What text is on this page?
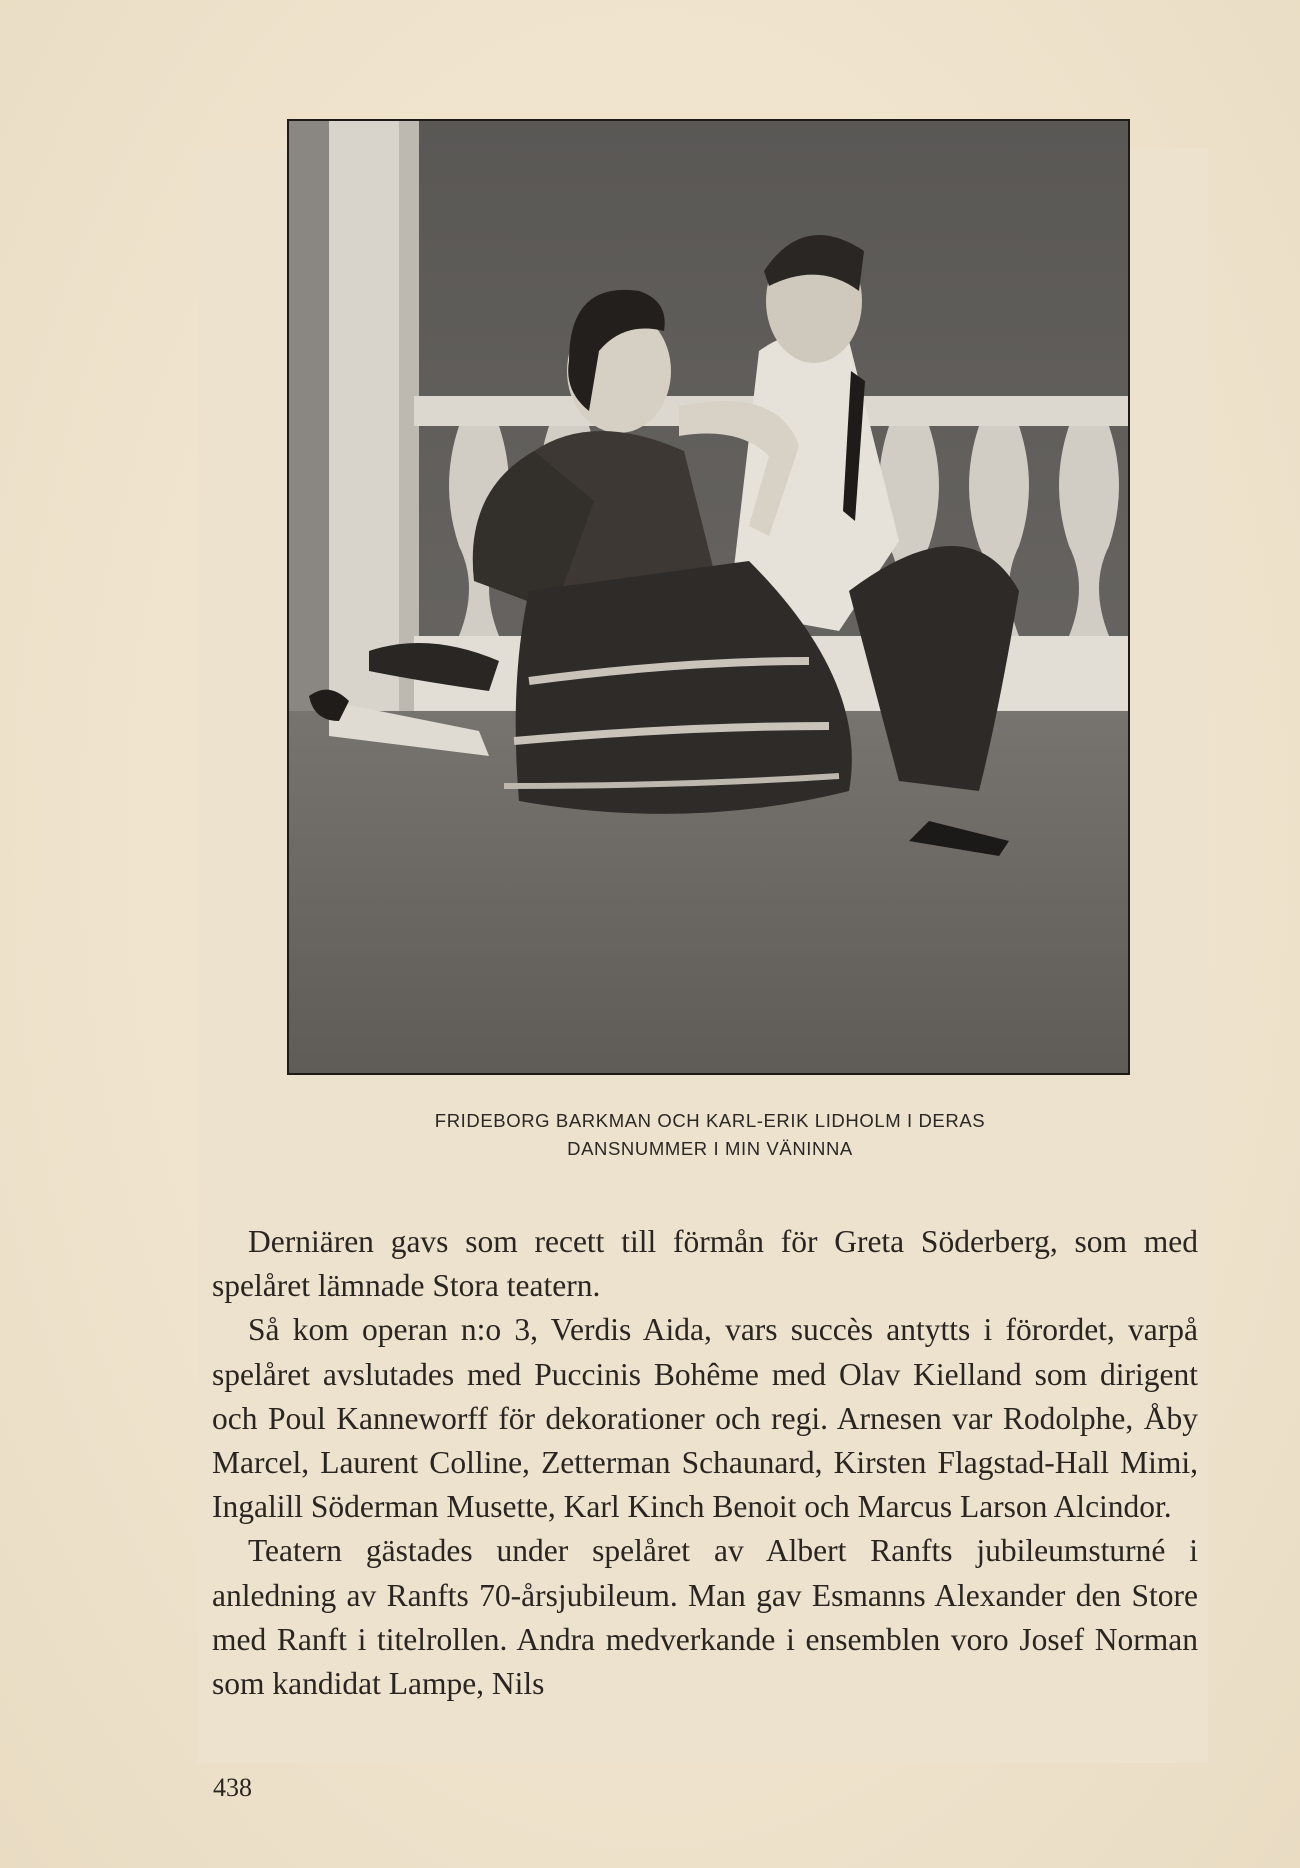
FRIDEBORG BARKMAN OCH KARL-ERIK LIDHOLM I DERAS
DANSNUMMER I MIN VÄNINNA

Derniären gavs som recett till förmån för Greta Söderberg, som med spelåret lämnade Stora teatern.

Så kom operan n:o 3, Verdis Aida, vars succès antytts i förordet, varpå spelåret avslutades med Puccinis Bohême med Olav Kielland som dirigent och Poul Kanneworff för dekorationer och regi. Arnesen var Rodolphe, Åby Marcel, Laurent Colline, Zetterman Schaunard, Kirsten Flagstad-Hall Mimi, Ingalill Söderman Musette, Karl Kinch Benoit och Marcus Larson Alcindor.

Teatern gästades under spelåret av Albert Ranfts jubileumsturné i anledning av Ranfts 70-årsjubileum. Man gav Esmanns Alexander den Store med Ranft i titelrollen. Andra medverkande i ensemblen voro Josef Norman som kandidat Lampe, Nils

438
